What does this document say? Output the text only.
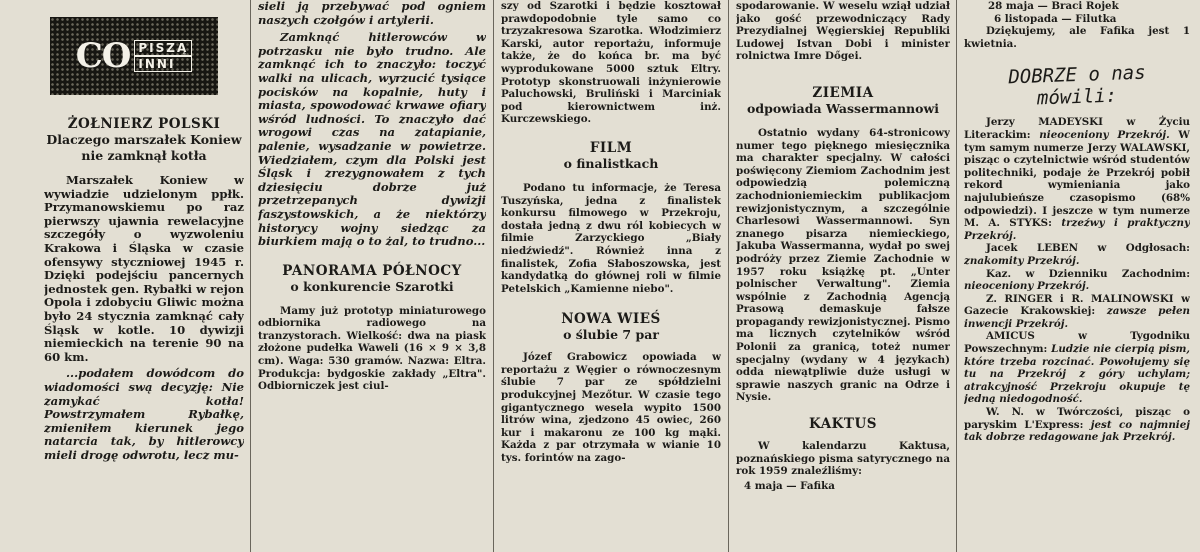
CO PISZĄ
INNI

ŻOŁNIERZ POLSKI

Dlaczego marszałek Koniew

nie zamknął kotła

Marszałek Koniew w wywiadzie udzielonym ppłk. Przymanowskiemu po raz pierwszy ujawnia rewelacyjne szczegóły o wyzwoleniu Krakowa i Śląska w czasie ofensywy styczniowej 1945 r. Dzięki podejściu pancernych jednostek gen. Rybałki w rejon Opola i zdobyciu Gliwic można było 24 stycznia zamknąć cały Śląsk w kotle. 10 dywizji niemieckich na terenie 90 na 60 km.

...podałem dowódcom do wiadomości swą decyzję: Nie zamykać kotła! Powstrzymałem Rybałkę, zmieniłem kierunek jego natarcia tak, by hitlerowcy mieli drogę odwrotu, lecz mu-

sieli ją przebywać pod ogniem naszych czołgów i artylerii.

Zamknąć hitlerowców w potrzasku nie było trudno. Ale zamknąć ich to znaczyło: toczyć walki na ulicach, wyrzucić tysiące pocisków na kopalnie, huty i miasta, spowodować krwawe ofiary wśród ludności. To znaczyło dać wrogowi czas na zatapianie, palenie, wysadzanie w powietrze. Wiedziałem, czym dla Polski jest Śląsk i zrezygnowałem z tych dziesięciu dobrze już przetrzepanych dywizji faszystowskich, a że niektórzy historycy wojny siedząc za biurkiem mają o to żal, to trudno...

PANORAMA PÓŁNOCY

o konkurencie Szarotki

Mamy już prototyp miniaturowego odbiornika radiowego na tranzystorach. Wielkość: dwa na piask złożone pudełka Waweli (16 × 9 × 3,8 cm). Waga: 530 gramów. Nazwa: Eltra. Produkcja: bydgoskie zakłady „Eltra". Odbiorniczek jest ciul-

szy od Szarotki i będzie kosztował prawdopodobnie tyle samo co trzyzakresowa Szarotka. Włodzimierz Karski, autor reportażu, informuje także, że do końca br. ma być wyprodukowane 5000 sztuk Eltry. Prototyp skonstruowali inżynierowie Paluchowski, Bruliński i Marciniak pod kierownictwem inż. Kurczewskiego.

FILM

o finalistkach

Podano tu informacje, że Teresa Tuszyńska, jedna z finalistek konkursu filmowego w Przekroju, dostała jedną z dwu ról kobiecych w filmie Zarzyckiego „Biały niedźwiedź". Również inna z finalistek, Zofia Słaboszowska, jest kandydatką do głównej roli w filmie Petelskich „Kamienne niebo".

NOWA WIEŚ

o ślubie 7 par

Józef Grabowicz opowiada w reportażu z Węgier o równoczesnym ślubie 7 par ze spółdzielni produkcyjnej Mezőtur. W czasie tego gigantycznego wesela wypito 1500 litrów wina, zjedzono 45 owiec, 260 kur i makaronu ze 100 kg mąki. Każda z par otrzymała w wianie 10 tys. forintów na zago-

spodarowanie. W weselu wziął udział jako gość przewodniczący Rady Prezydialnej Węgierskiej Republiki Ludowej Istvan Dobi i minister rolnictwa Imre Dőgei.

ZIEMIA

odpowiada Wassermannowi

Ostatnio wydany 64-stronicowy numer tego pięknego miesięcznika ma charakter specjalny. W całości poświęcony Ziemiom Zachodnim jest odpowiedzią polemiczną zachodnioniemieckim publikacjom rewizjonistycznym, a szczególnie Charlesowi Wassermannowi. Syn znanego pisarza niemieckiego, Jakuba Wassermanna, wydał po swej podróży przez Ziemie Zachodnie w 1957 roku książkę pt. „Unter polnischer Verwaltung". Ziemia wspólnie z Zachodnią Agencją Prasową demaskuje fałsze propagandy rewizjonistycznej. Pismo ma licznych czytelników wśród Polonii za granicą, toteż numer specjalny (wydany w 4 językach) odda niewątpliwie duże usługi w sprawie naszych granic na Odrze i Nysie.

KAKTUS

W kalendarzu Kaktusa, poznańskiego pisma satyrycznego na rok 1959 znaleźliśmy:

4 maja — Fafika

28 maja — Braci Rojek

6 listopada — Filutka

Dziękujemy, ale Fafika jest 1 kwietnia.

DOBRZE o nas
mówili:

Jerzy MADEYSKI w Życiu Literackim: nieoceniony Przekrój. W tym samym numerze Jerzy WALAWSKI, pisząc o czytelnictwie wśród studentów politechniki, podaje że Przekrój pobił rekord wymieniania jako najulubieńsze czasopismo (68% odpowiedzi). I jeszcze w tym numerze M. A. STYKS: trzeźwy i praktyczny Przekrój.

Jacek LEBEN w Odgłosach: znakomity Przekrój.

Kaz. w Dzienniku Zachodnim: nieoceniony Przekrój.

Z. RINGER i R. MALINOWSKI w Gazecie Krakowskiej: zawsze pełen inwencji Przekrój.

AMICUS w Tygodniku Powszechnym: Ludzie nie cierpią pism, które trzeba rozcinać. Powołujemy się tu na Przekrój z góry uchylam; atrakcyjność Przekroju okupuje tę jedną niedogodność.

W. N. w Twórczości, pisząc o paryskim L'Express: jest co najmniej tak dobrze redagowane jak Przekrój.
